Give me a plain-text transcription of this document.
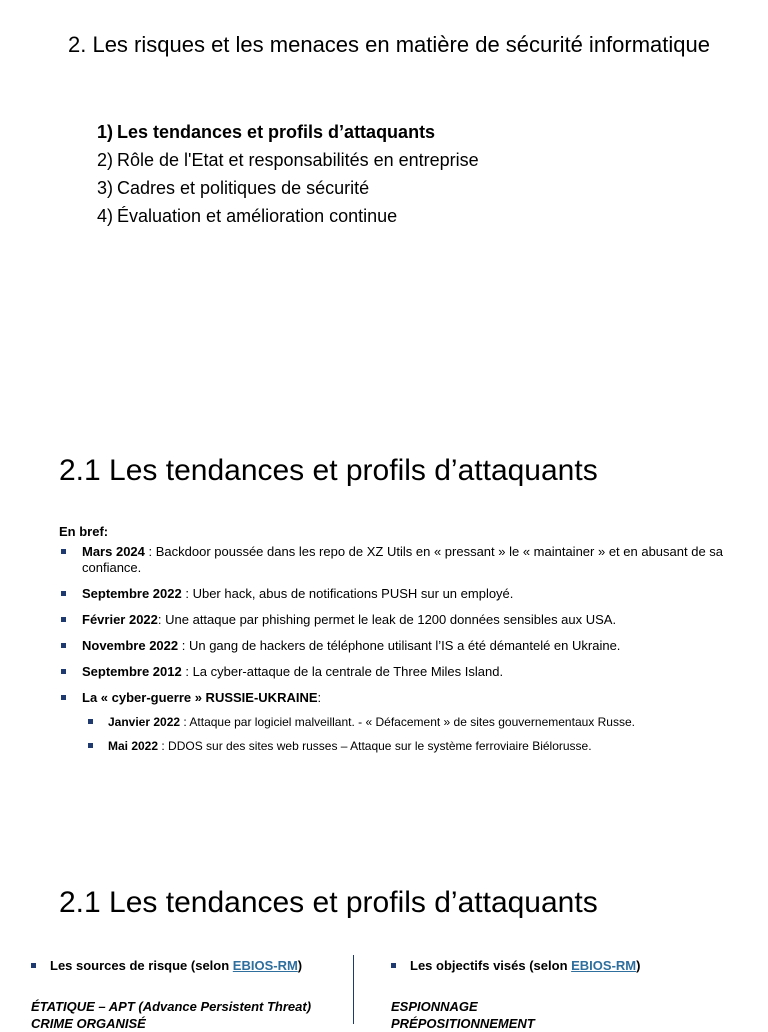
2. Les risques et les menaces en matière de sécurité informatique
1) Les tendances et profils d’attaquants
2) Rôle de l'Etat et responsabilités en entreprise
3) Cadres et politiques de sécurité
4) Évaluation et amélioration continue
2.1 Les tendances et profils d’attaquants
En bref:
Mars 2024 : Backdoor poussée dans les repo de XZ Utils en « pressant » le « maintainer » et en abusant de sa confiance.
Septembre 2022 : Uber hack, abus de notifications PUSH sur un employé.
Février 2022: Une attaque par phishing permet le leak de 1200 données sensibles aux USA.
Novembre 2022 : Un gang de hackers de téléphone utilisant l’IS a été démantelé en Ukraine.
Septembre 2012 : La cyber-attaque de la centrale de Three Miles Island.
La « cyber-guerre » RUSSIE-UKRAINE:
Janvier 2022 : Attaque par logiciel malveillant. - « Défacement » de sites gouvernementaux Russe.
Mai 2022 : DDOS sur des sites web russes – Attaque sur le système ferroviaire Biélorusse.
2.1 Les tendances et profils d’attaquants
Les sources de risque (selon EBIOS-RM)	Les objectifs visés (selon EBIOS-RM)
ÉTATIQUE – APT (Advance Persistent Threat)
CRIME ORGANISÉ
ESPIONNAGE
PRÉPOSITIONNEMENT
